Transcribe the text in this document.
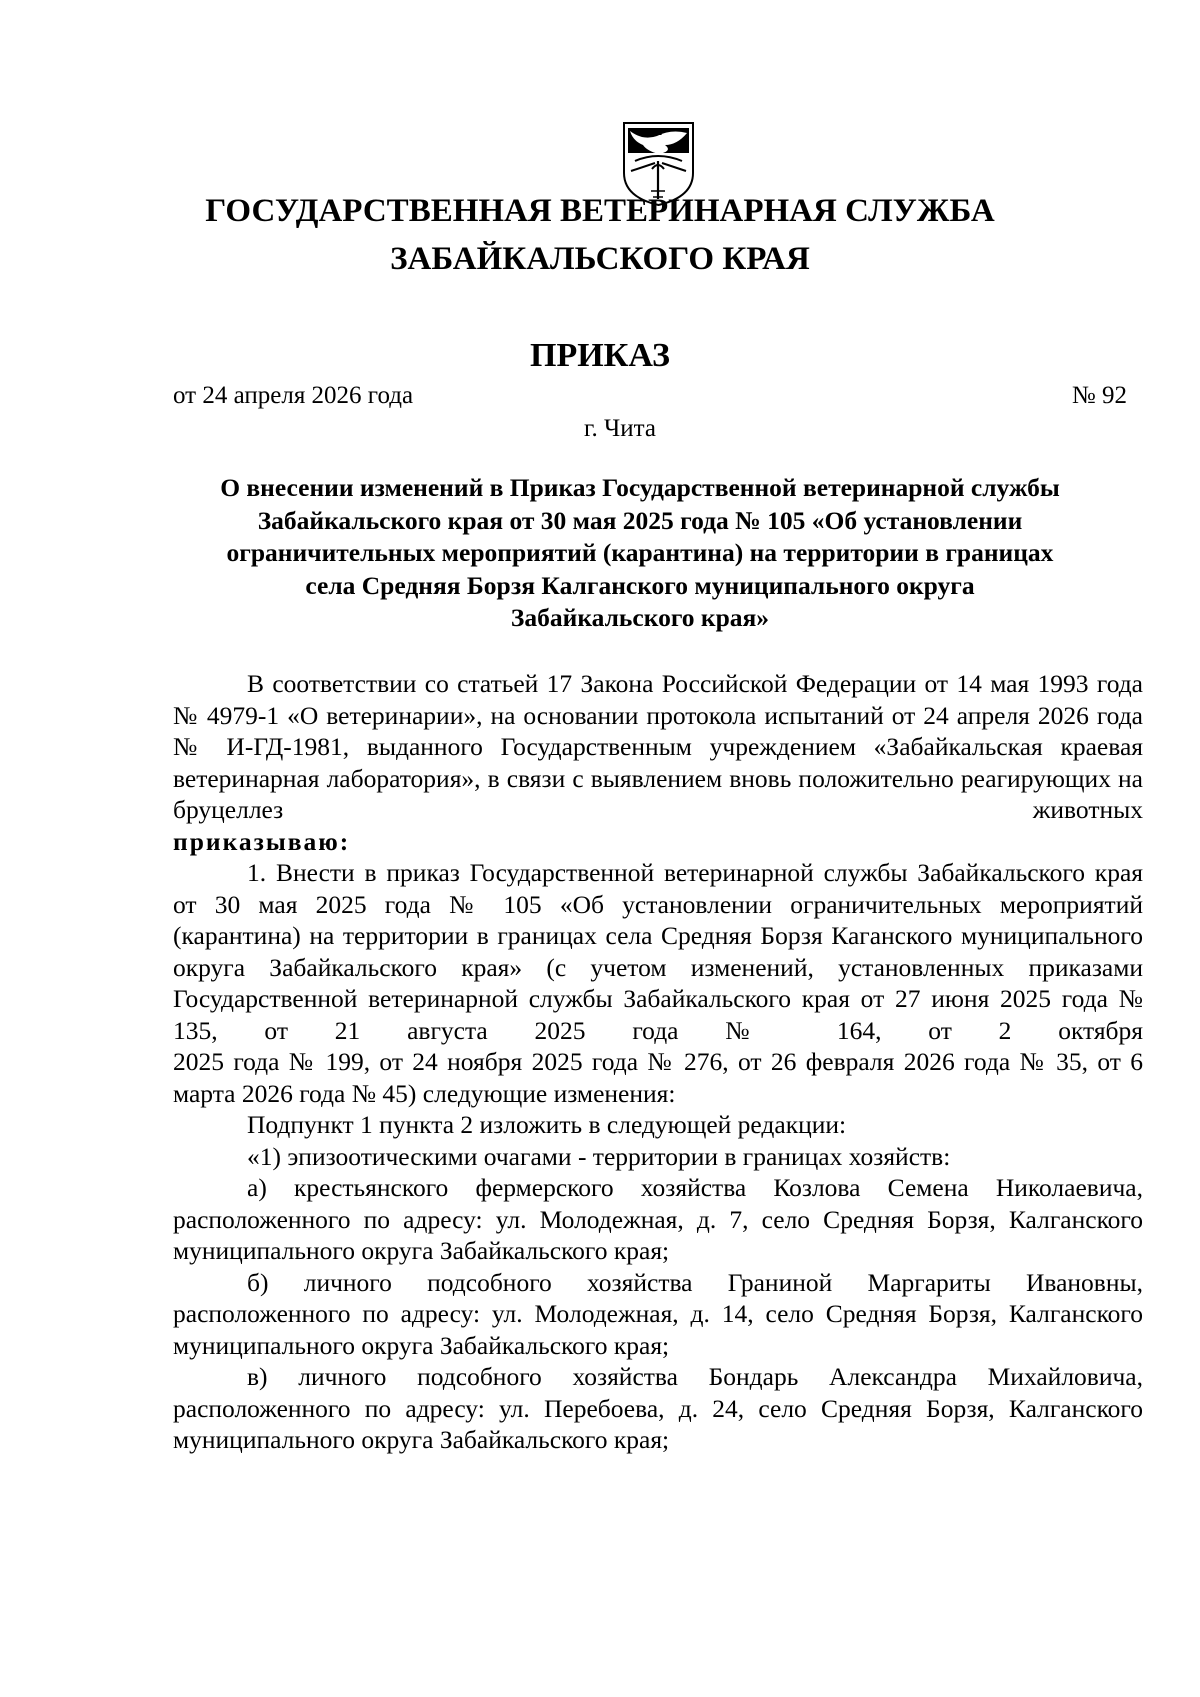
ГОСУДАРСТВЕННАЯ ВЕТЕРИНАРНАЯ СЛУЖБА
ЗАБАЙКАЛЬСКОГО КРАЯ
ПРИКАЗ
от 24 апреля 2026 года	№ 92
г. Чита
О внесении изменений в Приказ Государственной ветеринарной службы
Забайкальского края от 30 мая 2025 года № 105 «Об установлении
ограничительных мероприятий (карантина) на территории в границах
села Средняя Борзя Калганского муниципального округа
Забайкальского края»

В соответствии со статьей 17 Закона Российской Федерации от 14 мая 1993 года № 4979-1 «О ветеринарии», на основании протокола испытаний от 24 апреля 2026 года № И-ГД-1981, выданного Государственным учреждением «Забайкальская краевая ветеринарная лаборатория», в связи с выявлением вновь положительно реагирующих на бруцеллез животных

приказываю:

1. Внести в приказ Государственной ветеринарной службы Забайкальского края от 30 мая 2025 года № 105 «Об установлении ограничительных мероприятий (карантина) на территории в границах села Средняя Борзя Каганского муниципального округа Забайкальского края» (с учетом изменений, установленных приказами Государственной ветеринарной службы Забайкальского края от 27 июня 2025 года № 135, от 21 августа 2025 года № 164, от 2 октября

2025 года № 199, от 24 ноября 2025 года № 276, от 26 февраля 2026 года № 35, от 6 марта 2026 года № 45) следующие изменения:

Подпункт 1 пункта 2 изложить в следующей редакции:

«1) эпизоотическими очагами - территории в границах хозяйств:

а) крестьянского фермерского хозяйства Козлова Семена Николаевича, расположенного по адресу: ул. Молодежная, д. 7, село Средняя Борзя, Калганского муниципального округа Забайкальского края;

б) личного подсобного хозяйства Граниной Маргариты Ивановны, расположенного по адресу: ул. Молодежная, д. 14, село Средняя Борзя, Калганского муниципального округа Забайкальского края;

в) личного подсобного хозяйства Бондарь Александра Михайловича, расположенного по адресу: ул. Перебоева, д. 24, село Средняя Борзя, Калганского муниципального округа Забайкальского края;
